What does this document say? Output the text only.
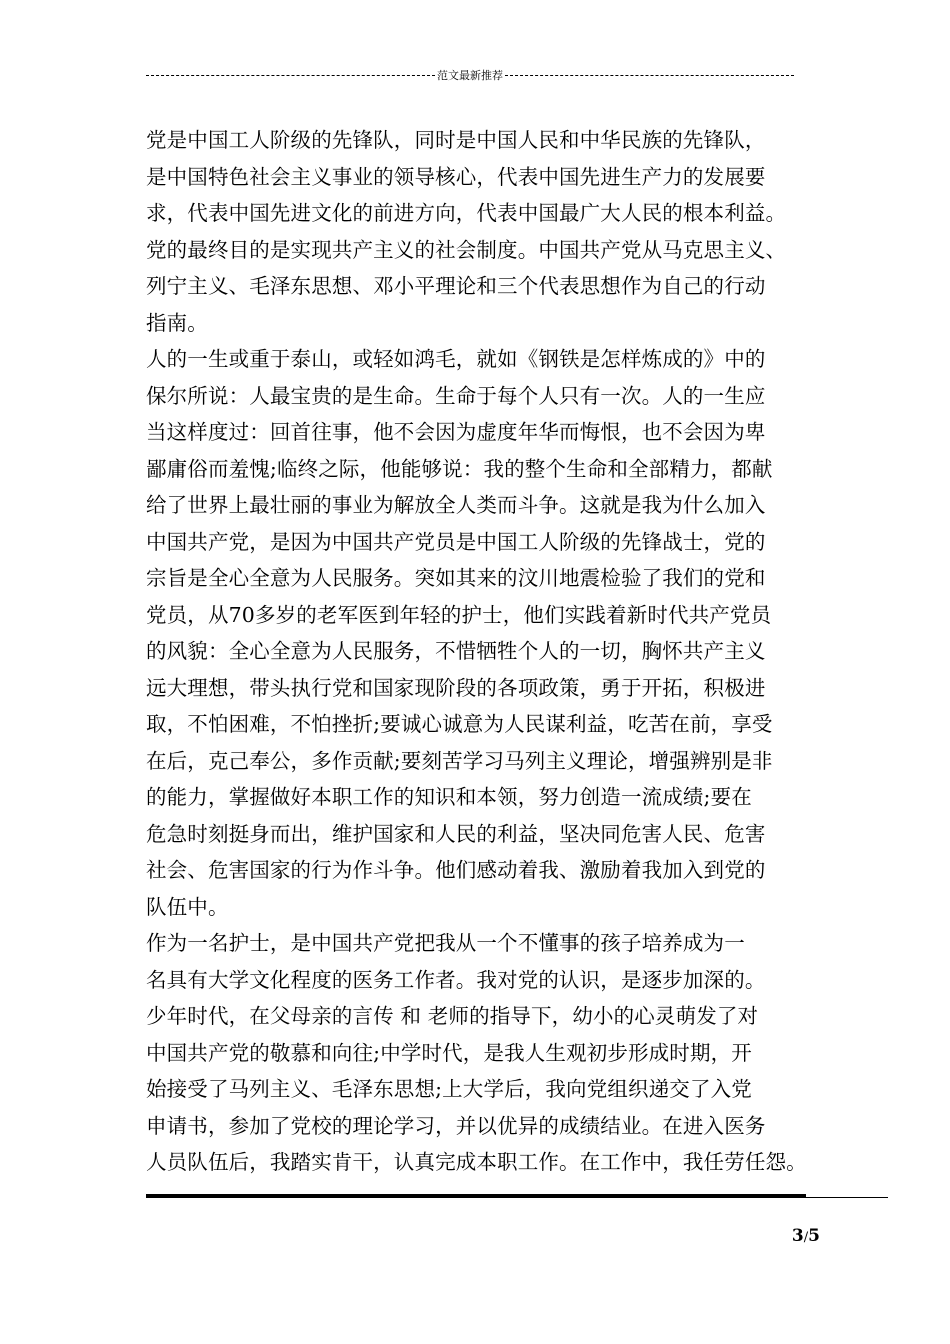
范文最新推荐
党是中国工人阶级的先锋队，同时是中国人民和中华民族的先锋队，
是中国特色社会主义事业的领导核心，代表中国先进生产力的发展要
求，代表中国先进文化的前进方向，代表中国最广大人民的根本利益。
党的最终目的是实现共产主义的社会制度。中国共产党从马克思主义、
列宁主义、毛泽东思想、邓小平理论和三个代表思想作为自己的行动
指南。
人的一生或重于泰山，或轻如鸿毛，就如《钢铁是怎样炼成的》中的
保尔所说：人最宝贵的是生命。生命于每个人只有一次。人的一生应
当这样度过：回首往事，他不会因为虚度年华而悔恨，也不会因为卑
鄙庸俗而羞愧;临终之际，他能够说：我的整个生命和全部精力，都献
给了世界上最壮丽的事业为解放全人类而斗争。这就是我为什么加入
中国共产党，是因为中国共产党员是中国工人阶级的先锋战士，党的
宗旨是全心全意为人民服务。突如其来的汶川地震检验了我们的党和
党员，从70多岁的老军医到年轻的护士，他们实践着新时代共产党员
的风貌：全心全意为人民服务，不惜牺牲个人的一切，胸怀共产主义
远大理想，带头执行党和国家现阶段的各项政策，勇于开拓，积极进
取，不怕困难，不怕挫折;要诚心诚意为人民谋利益，吃苦在前，享受
在后，克己奉公，多作贡献;要刻苦学习马列主义理论，增强辨别是非
的能力，掌握做好本职工作的知识和本领，努力创造一流成绩;要在
危急时刻挺身而出，维护国家和人民的利益，坚决同危害人民、危害
社会、危害国家的行为作斗争。他们感动着我、激励着我加入到党的
队伍中。
作为一名护士，是中国共产党把我从一个不懂事的孩子培养成为一
名具有大学文化程度的医务工作者。我对党的认识，是逐步加深的。
少年时代，在父母亲的言传 和 老师的指导下，幼小的心灵萌发了对
中国共产党的敬慕和向往;中学时代，是我人生观初步形成时期，开
始接受了马列主义、毛泽东思想;上大学后，我向党组织递交了入党
申请书，参加了党校的理论学习，并以优异的成绩结业。在进入医务
人员队伍后，我踏实肯干，认真完成本职工作。在工作中，我任劳任怨。
3/5
